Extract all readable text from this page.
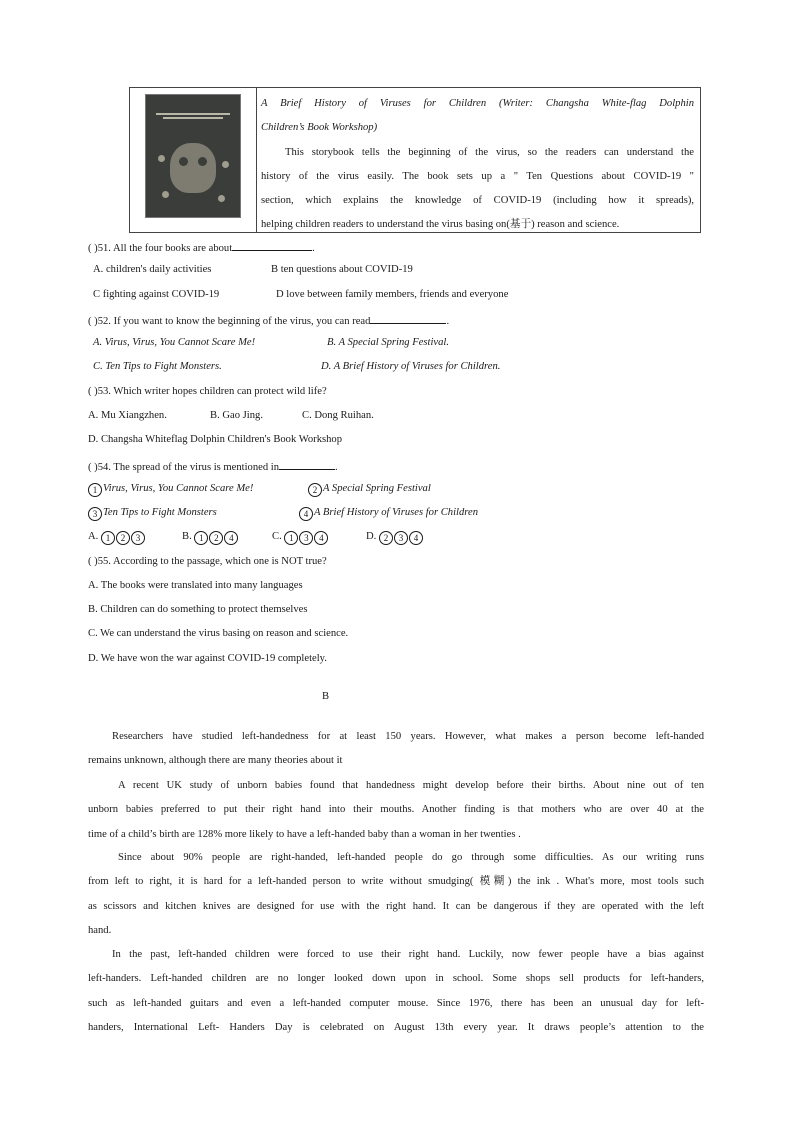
A Brief History of Viruses for Children (Writer: Changsha White-flag Dolphin
Children’s Book Workshop)
This storybook tells the beginning of the virus, so the readers can understand the
history of the virus easily. The book sets up a " Ten Questions about COVID-19 "
section, which explains the knowledge of COVID-19 (including how it spreads),
helping children readers to understand the virus basing on(基于) reason and science.
( )51. All the four books are about	.
A. children's daily activities	B ten questions about COVID-19
C fighting against COVID-19	D love between family members, friends and everyone
( )52. If you want to know the beginning of the virus, you can read	.
A. Virus, Virus, You Cannot Scare Me!	B. A Special Spring Festival.
C. Ten Tips to Fight Monsters.	D. A Brief History of Viruses for Children.
( )53. Which writer hopes children can protect wild life?
A. Mu Xiangzhen.	B. Gao Jing.	C. Dong Ruihan.
D. Changsha Whiteflag Dolphin Children's Book Workshop
( )54. The spread of the virus is mentioned in	.
1 Virus, Virus, You Cannot Scare Me!	2 A Special Spring Festival
3 Ten Tips to Fight Monsters	4 A Brief History of Viruses for Children
A. 1 2 3	B. 1 2 4	C. 1 3 4	D. 2 3 4
( )55. According to the passage, which one is NOT true?
A. The books were translated into many languages
B. Children can do something to protect themselves
C. We can understand the virus basing on reason and science.
D. We have won the war against COVID-19 completely.
B
Researchers have studied left-handedness for at least 150 years. However, what makes a person become left-handed
remains unknown, although there are many theories about it
A recent UK study of unborn babies found that handedness might develop before their births. About nine out of ten
unborn babies preferred to put their right hand into their mouths. Another finding is that mothers who are over 40 at the
time of a child’s birth are 128% more likely to have a left-handed baby than a woman in her twenties .
Since about 90% people are right-handed, left-handed people do go through some difficulties. As our writing runs
from left to right, it is hard for a left-handed person to write without smudging( 模糊) the ink . What's more, most tools such
as scissors and kitchen knives are designed for use with the right hand. It can be dangerous if they are operated with the left
hand.
In the past, left-handed children were forced to use their right hand. Luckily, now fewer people have a bias against
left-handers. Left-handed children are no longer looked down upon in school. Some shops sell products for left-handers,
such as left-handed guitars and even a left-handed computer mouse. Since 1976, there has been an unusual day for left-
handers, International Left- Handers Day is celebrated on August 13th every year. It draws people’s attention to the
